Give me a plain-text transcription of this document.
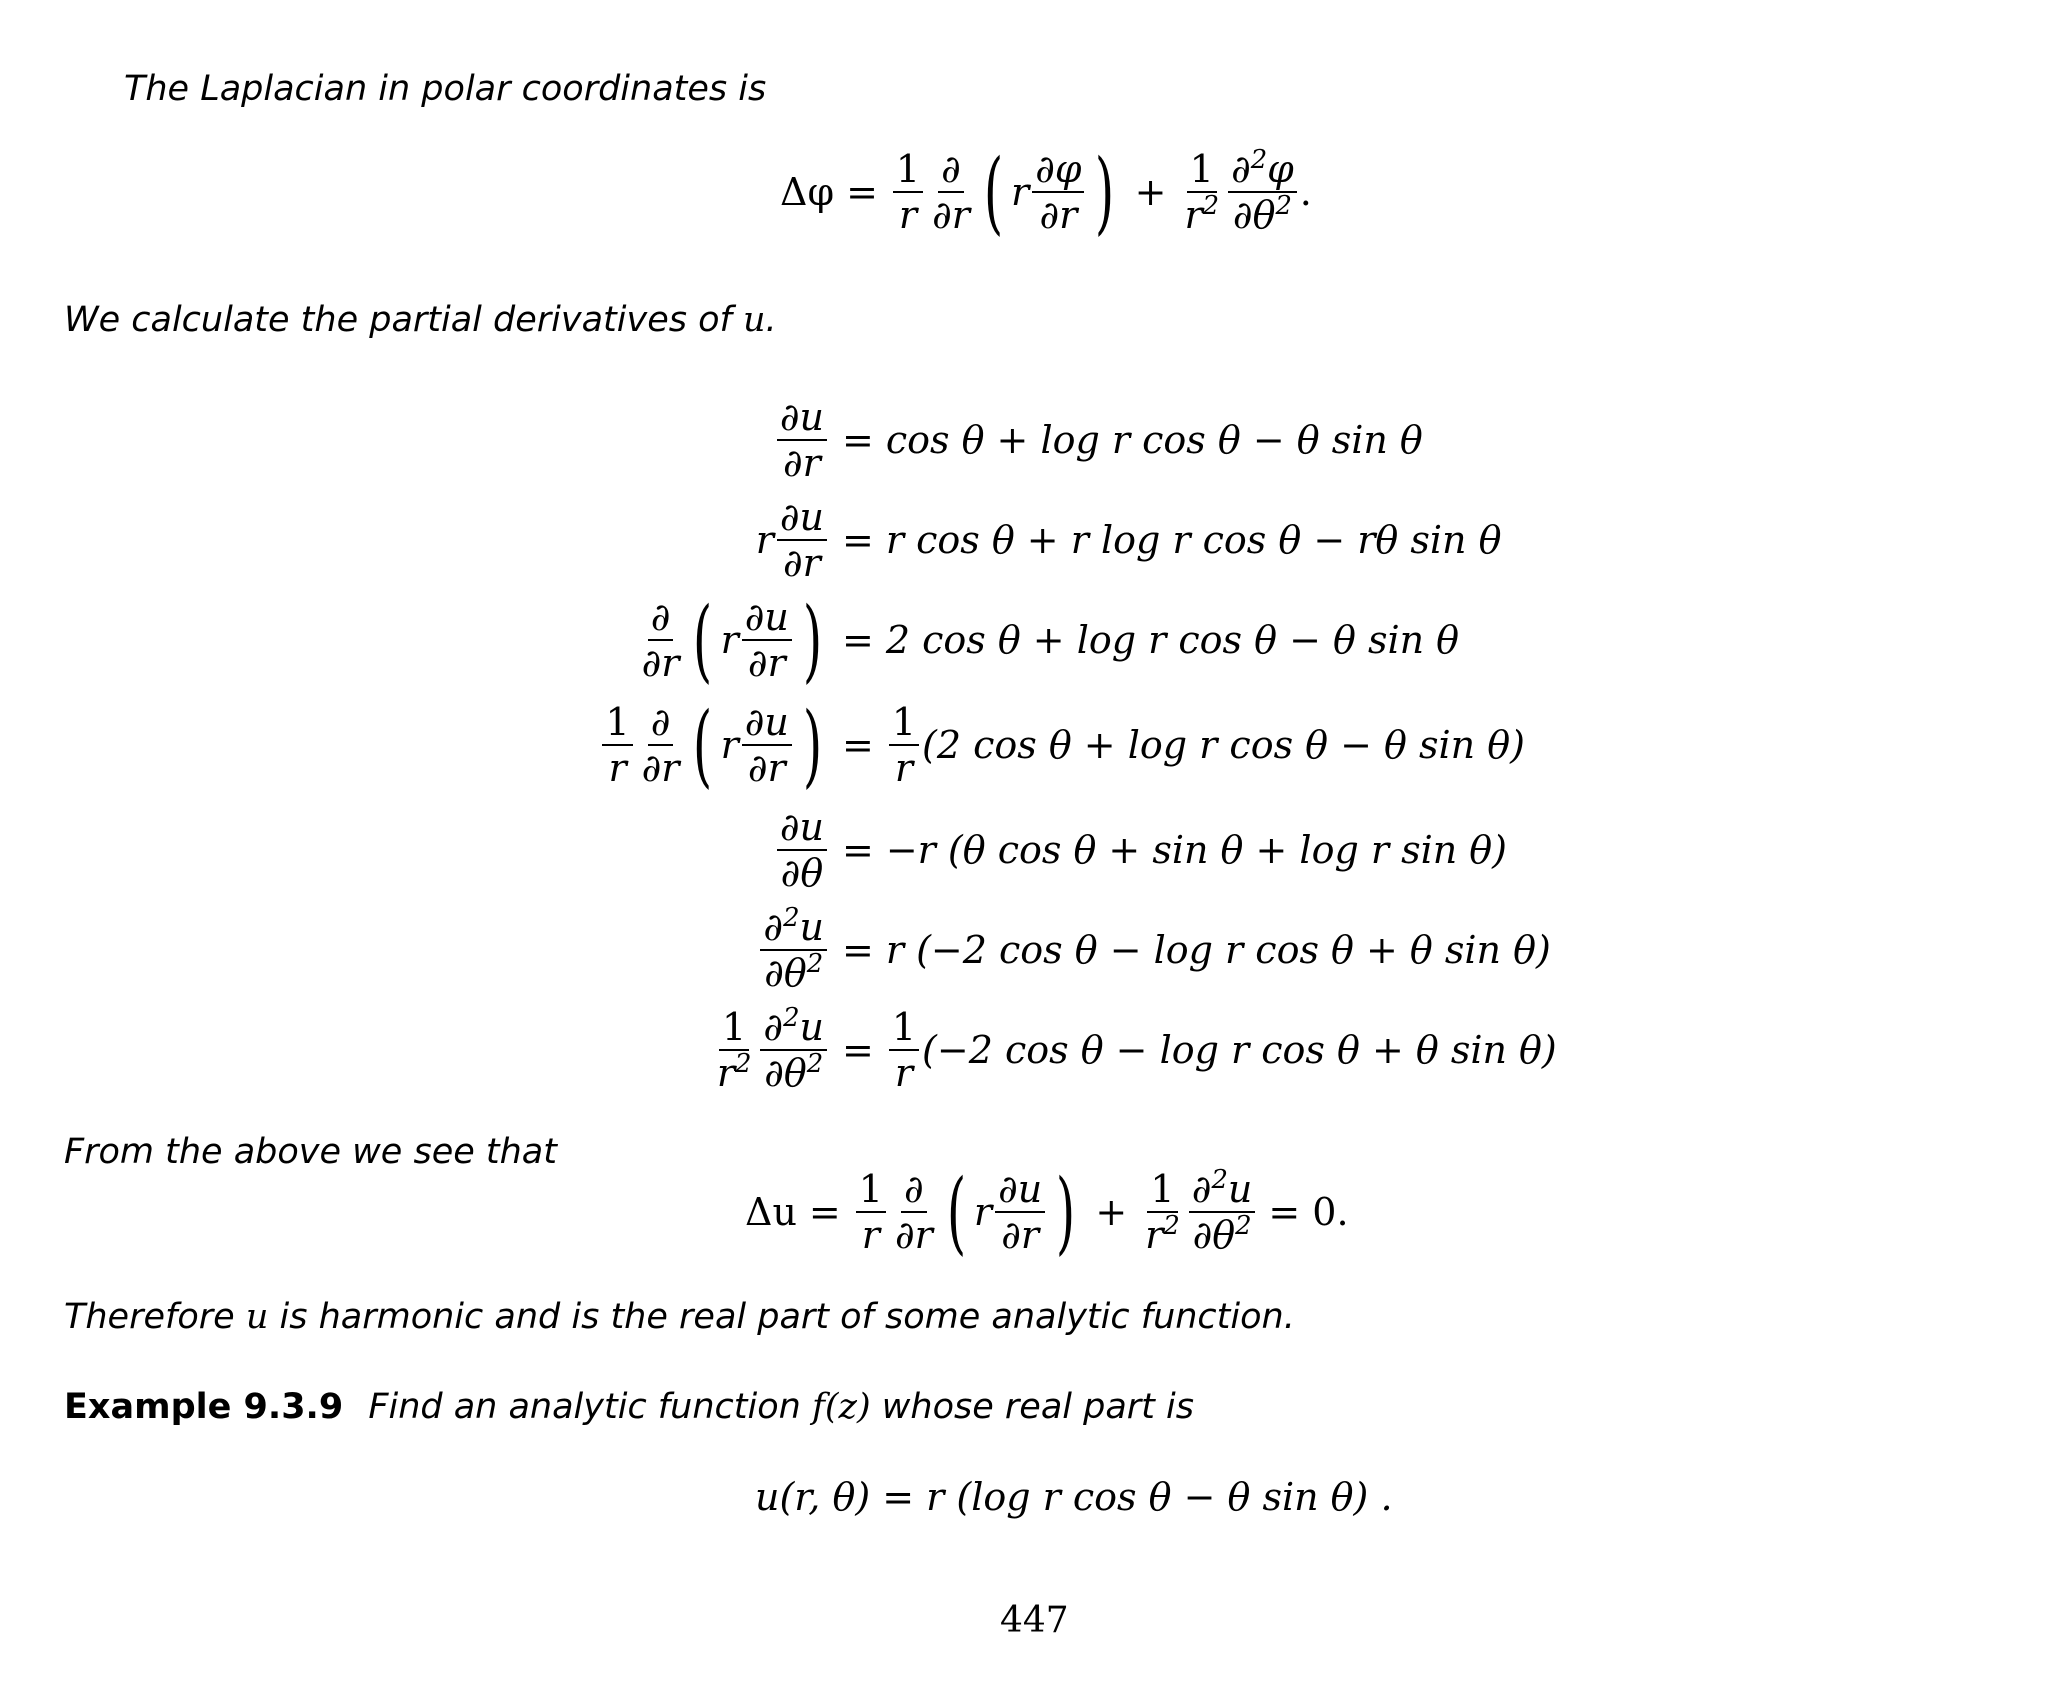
The Laplacian in polar coordinates is
$\Delta\varphi = \frac{1}{r} \frac{\partial}{\partial r}$ ( r $\frac{\partial\varphi}{\partial r}$ ) + $\frac{1}{r^2} \frac{\partial^2\varphi}{\partial\theta^2}$ .
We calculate the partial derivatives of u.
$\frac{\partial u}{\partial r} = \cos \theta + \log r$ cos θ − θ sin θ
r $\frac{\partial u}{\partial r} = r$ cos θ + r log r cos θ − rθ sin θ
$\frac{\partial}{\partial r}$ ( r $\frac{\partial u}{\partial r}$ ) = 2 cos θ + log r cos θ − θ sin θ
$\frac{1}{r} \frac{\partial}{\partial r}$ ( r $\frac{\partial u}{\partial r}$ ) = $\frac{1}{r} (2$ cos θ + log r cos θ − θ sin θ)
$\frac{\partial u}{\partial\theta} = -r$ (θ cos θ + sin θ + log r sin θ)
$\frac{\partial^2u}{\partial\theta^2} = r$ (−2 cos θ − log r cos θ + θ sin θ)
$\frac{1}{r^2} \frac{\partial^2u}{\partial\theta^2} = \frac{1}{r} (-2$ cos θ − log r cos θ + θ sin θ)
From the above we see that
$\Delta u = \frac{1}{r} \frac{\partial}{\partial r}$ ( r $\frac{\partial u}{\partial r}$ ) + $\frac{1}{r^2} \frac{\partial^2u}{\partial\theta^2} = 0$.
Therefore u is harmonic and is the real part of some analytic function.
Example 9.3.9 Find an analytic function f(z) whose real part is
u(r, θ) = r (log r cos θ − θ sin θ) .
447
